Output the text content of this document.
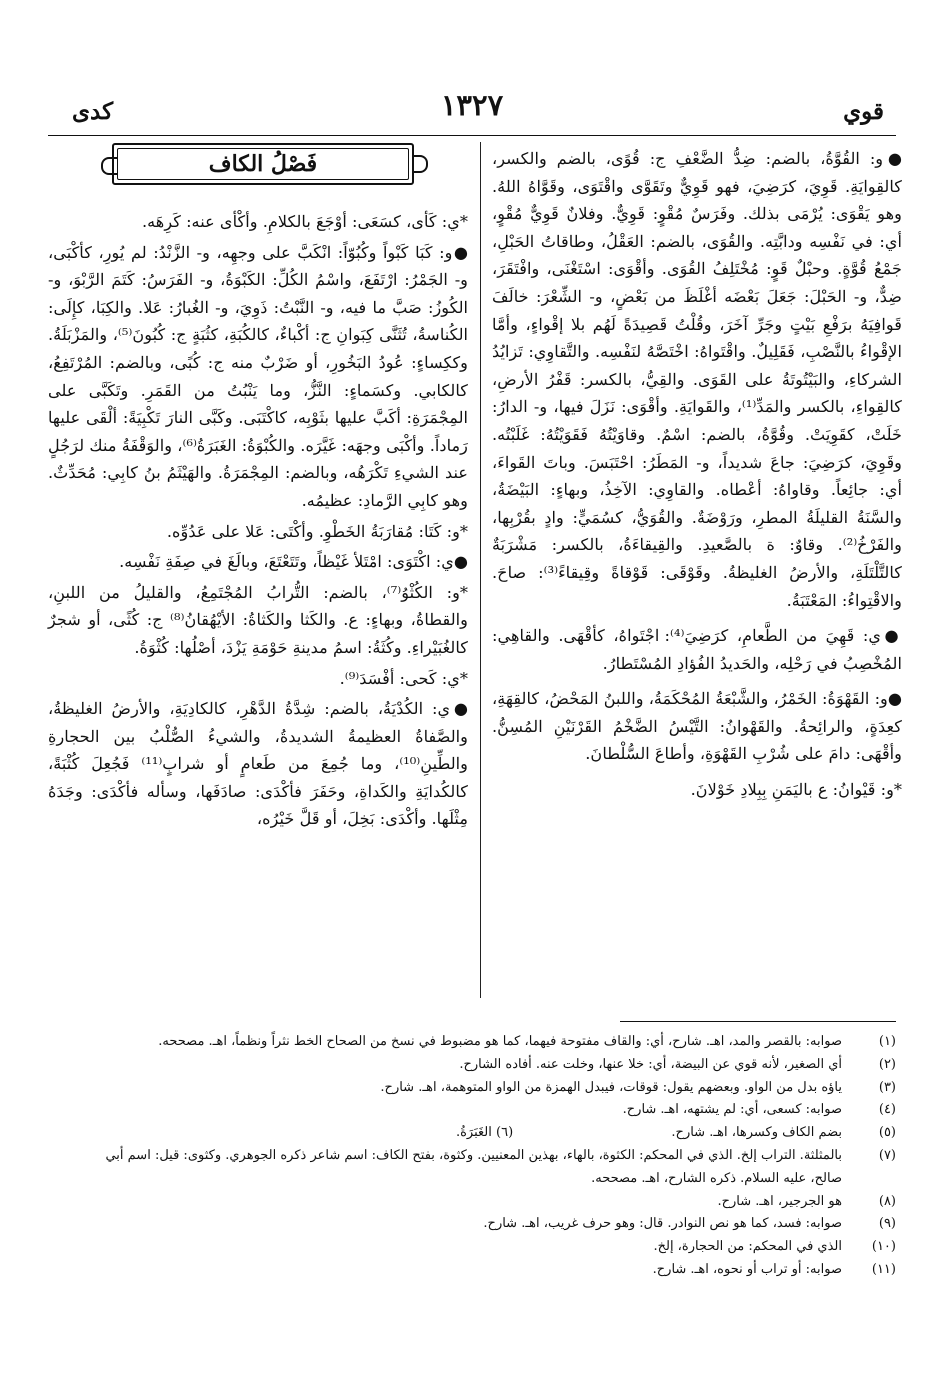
قوي
١٣٢٧
كدى

●و: القُوَّةُ، بالضم: ضِدُّ الضَّعْفِ ج: قُوًى، بالضم والكسر، كالقِوايَةِ. قَوِيَ، كرَضِيَ، فهو قَوِيٌّ وتَقَوَّى واقْتَوَى، وقَوَّاهُ اللهُ. وهو يَقْوَى: يُرْمَى بذلك. وفَرَسٌ مُقْوٍ: قَوِيٌّ. وفلانٌ قَوِيٌّ مُقْوٍ، أي: في نَفْسِه ودابَّتِه. والقُوَى، بالضم: العَقْلُ، وطاقاتُ الحَبْلِ، جَمْعُ قُوَّةٍ. وحبْلٌ قَوٍ: مُخْتَلِفُ القُوَى. وأقْوَى: اسْتَغْنَى، وافْتَقَرَ، ضِدٌّ، و- الحَبْلَ: جَعَلَ بَعْضَه أغْلَظَ من بَعْضٍ، و- الشِّعْرَ: خالَفَ قَوافِيَهُ برَفْعِ بَيْتٍ وجَرِّ آخَرَ، وقُلْتُ قَصِيدَةً لَهُم بلا إقْواءٍ، وأمَّا الإقْواءُ بالنَّصْبِ، فَقَلِيلٌ. واقْتَواهُ: اخْتَصَّهُ لنَفْسِه. والتَّقاوِي: تَزايُدُ الشركاءِ، والبَيْتُوتَةُ على القَوَى. والقِيُّ، بالكسر: قَفْرُ الأرضِ، كالقِواءِ، بالكسر والمَدِّ⁽¹⁾، والقَوايَةِ. وأقْوَى: نَزَلَ فيها، و- الدارُ: خَلَتْ، كقَوِيَتْ. وقُوَّةُ، بالضم: اسْمٌ. وقاوَيْتُهُ فَقَوَيْتُهُ: غَلَبْتُه. وقَوِيَ، كرَضِيَ: جاعَ شديداً، و- المَطَرُ: احْتَبَسَ. وباتَ القَواءَ، أي: جائِعاً. وقاواهُ: أعْطاه. والقاوِي: الآخِذُ، وبهاءٍ: البَيْضَةُ، والسَّنَةُ القليلَةُ المطرِ، ورَوْضَةٌ. والقُوَيُّ، كسُمَيٍّ: وادٍ بقُرْبِها، والفَرْخُ⁽²⁾. وقاوٌ: ة بالصَّعيدِ. والقِيقاءَةُ، بالكسر: مَشْرَبَةٌ كالتَّلْتَلَةِ، والأرضُ الغليظةُ. وقَوْقَى: قَوْقاةً وقِيقاءً⁽³⁾: صاحَ. والاقْتِواءُ: المَعْتَبَةُ.

●ي: قَهِيَ من الطَّعامِ، كرَضِيَ⁽⁴⁾: اجْتَواهُ، كأقْهَى. والقاهِي: المُخْصِبُ في رَحْلِه، والحَديدُ الفُؤادِ المُسْتَطارُ.

●و: القَهْوَةُ: الخَمْرُ، والشَّبْعَةُ المُحْكَمَةُ، واللبنُ المَحْضُ، كالقِهَةِ، كعِدَةٍ، والرائِحةُ. والقَهْوانُ: التَّيْسُ الضَّخْمُ القَرْنَيْنِ المُسِنُّ. وأقْهَى: دامَ على شُرْبِ القَهْوَةِ، وأطاعَ السُّلْطانَ.

*و: قَيْوانُ: ع باليَمَنِ بِبِلادِ خَوْلانَ.

فَصْلُ الكاف

*ي: كَأى، كسَعَى: أوْجَعَ بالكلامِ. وأكْأى عنه: كَرِهَه.

●و: كَبَا كَبْواً وكُبُوّاً: انْكَبَّ على وجهِه، و- الزَّنْدُ: لم يُورِ، كأكْبَى، و- الجَمْرُ: ارْتَفَعَ، واسْمُ الكُلِّ: الكَبْوَةُ، و- الفَرَسُ: كَتَمَ الرَّبْوَ، و- الكُوزُ: صَبَّ ما فيه، و- النَّبْتُ: ذَوِيَ، و- الغُبارُ: عَلا. والكِبَا، كإِلَى: الكُناسةُ، تُثَنَّى كِبَوانِ ج: أكْباءٌ، كالكُبَةِ، كثُبَةٍ ج: كُبُونَ⁽⁵⁾، والمَزْبَلَةُ. وككِساءٍ: عُودُ البَخُورِ، أو ضَرْبٌ منه ج: كُبًى، وبالضم: المُرْتَفِعُ، كالكابي. وكسَماءٍ: النَّزُّ، وما يَنْبُتُ من القَمَرِ. وتَكَبَّى على المِجْمَرَةِ: أكَبَّ عليها بثَوْبِه، كاكْتَبَى. وكَبَّى النارَ تَكْبِيَةً: ألْقَى عليها رَماداً. وأكْبَى وجهَه: غَيَّرَه. والكُبْوَةُ: الغَبَرَةُ⁽⁶⁾، والوَقْفَةُ منك لرَجُلٍ عند الشيءِ تَكْرَهُه، وبالضم: المِجْمَرَةُ. والهَيْثَمُ بنُ كابِي: مُحَدِّثٌ. وهو كابِي الرَّمادِ: عظيمُه.

*و: كَتَا: مُقارَبَةُ الخَطْوِ. وأكْتَى: عَلا على عَدُوِّه.

●ي: اكْتَوَى: امْتَلأ غَيْظاً، وتَتَعْتَعَ، وبالَغَ في صِفَةِ نَفْسِه.

*و: الكُثْوُ⁽⁷⁾، بالضم: التُّرابُ المُجْتَمِعُ، والقليلُ من اللبنِ، والقطاةُ، وبهاءٍ: ع. والكَثا والكَثاةُ: الأيْهُقانُ⁽⁸⁾ ج: كُثًى، أو شجرٌ كالغُبَيْراءِ. وكُثَةُ: اسمُ مدينةِ حَوْمَةِ يَزْدَ، أصْلُها: كُثْوَةُ.

*ي: كَحى: أفْسَدَ⁽⁹⁾.

●ي: الكُدْيَةُ، بالضم: شِدَّةُ الدَّهْرِ، كالكادِيَةِ، والأرضُ الغليظةُ، والصَّفاةُ العظيمةُ الشديدةُ، والشيءُ الصُّلْبُ بين الحجارةِ والطِّينِ⁽¹⁰⁾، وما جُمِعَ من طَعامٍ أو شرابٍ⁽¹¹⁾ فَجُعِلَ كُثْبَةً، كالكُدايَةِ والكَداةِ، وحَفَرَ فأكْدَى: صادَفَها، وسأله فأكْدَى: وجَدَهُ مِثْلَها. وأكْدَى: بَخِلَ، أو قَلَّ خَيْرُه،

(١)
صوابه: بالقصر والمد، اهـ. شارح، أي: والقاف مفتوحة فيهما، كما هو مضبوط في نسخ من الصحاح الخط نثراً ونظماً، اهـ. مصححه.
(٢)
أي الصغير، لأنه قوي عن البيضة، أي: خلا عنها، وخلت عنه. أفاده الشارح.
(٣)
ياؤه بدل من الواو. وبعضهم يقول: قوقات، فيبدل الهمزة من الواو المتوهمة، اهـ. شارح.
(٤)
صوابه: كسعى، أي: لم يشتهه، اهـ. شارح.
(٥)
بضم الكاف وكسرها، اهـ. شارح.  (٦) الغَبَرَةُ.
(٧)
بالمثلثة. التراب إلخ. الذي في المحكم: الكثوة، بالهاء، بهذين المعنيين. وكثوة، بفتح الكاف: اسم شاعر ذكره الجوهري. وكثوى: قيل: اسم أبي
صالح، عليه السلام. ذكره الشارح، اهـ. مصححه.
(٨)
هو الجرجير، اهـ. شارح.
(٩)
صوابه: فسد، كما هو نص النوادر. قال: وهو حرف غريب، اهـ. شارح.
(١٠)
الذي في المحكم: من الحجارة، إلخ.
(١١)
صوابه: أو تراب أو نحوه، اهـ. شارح.
